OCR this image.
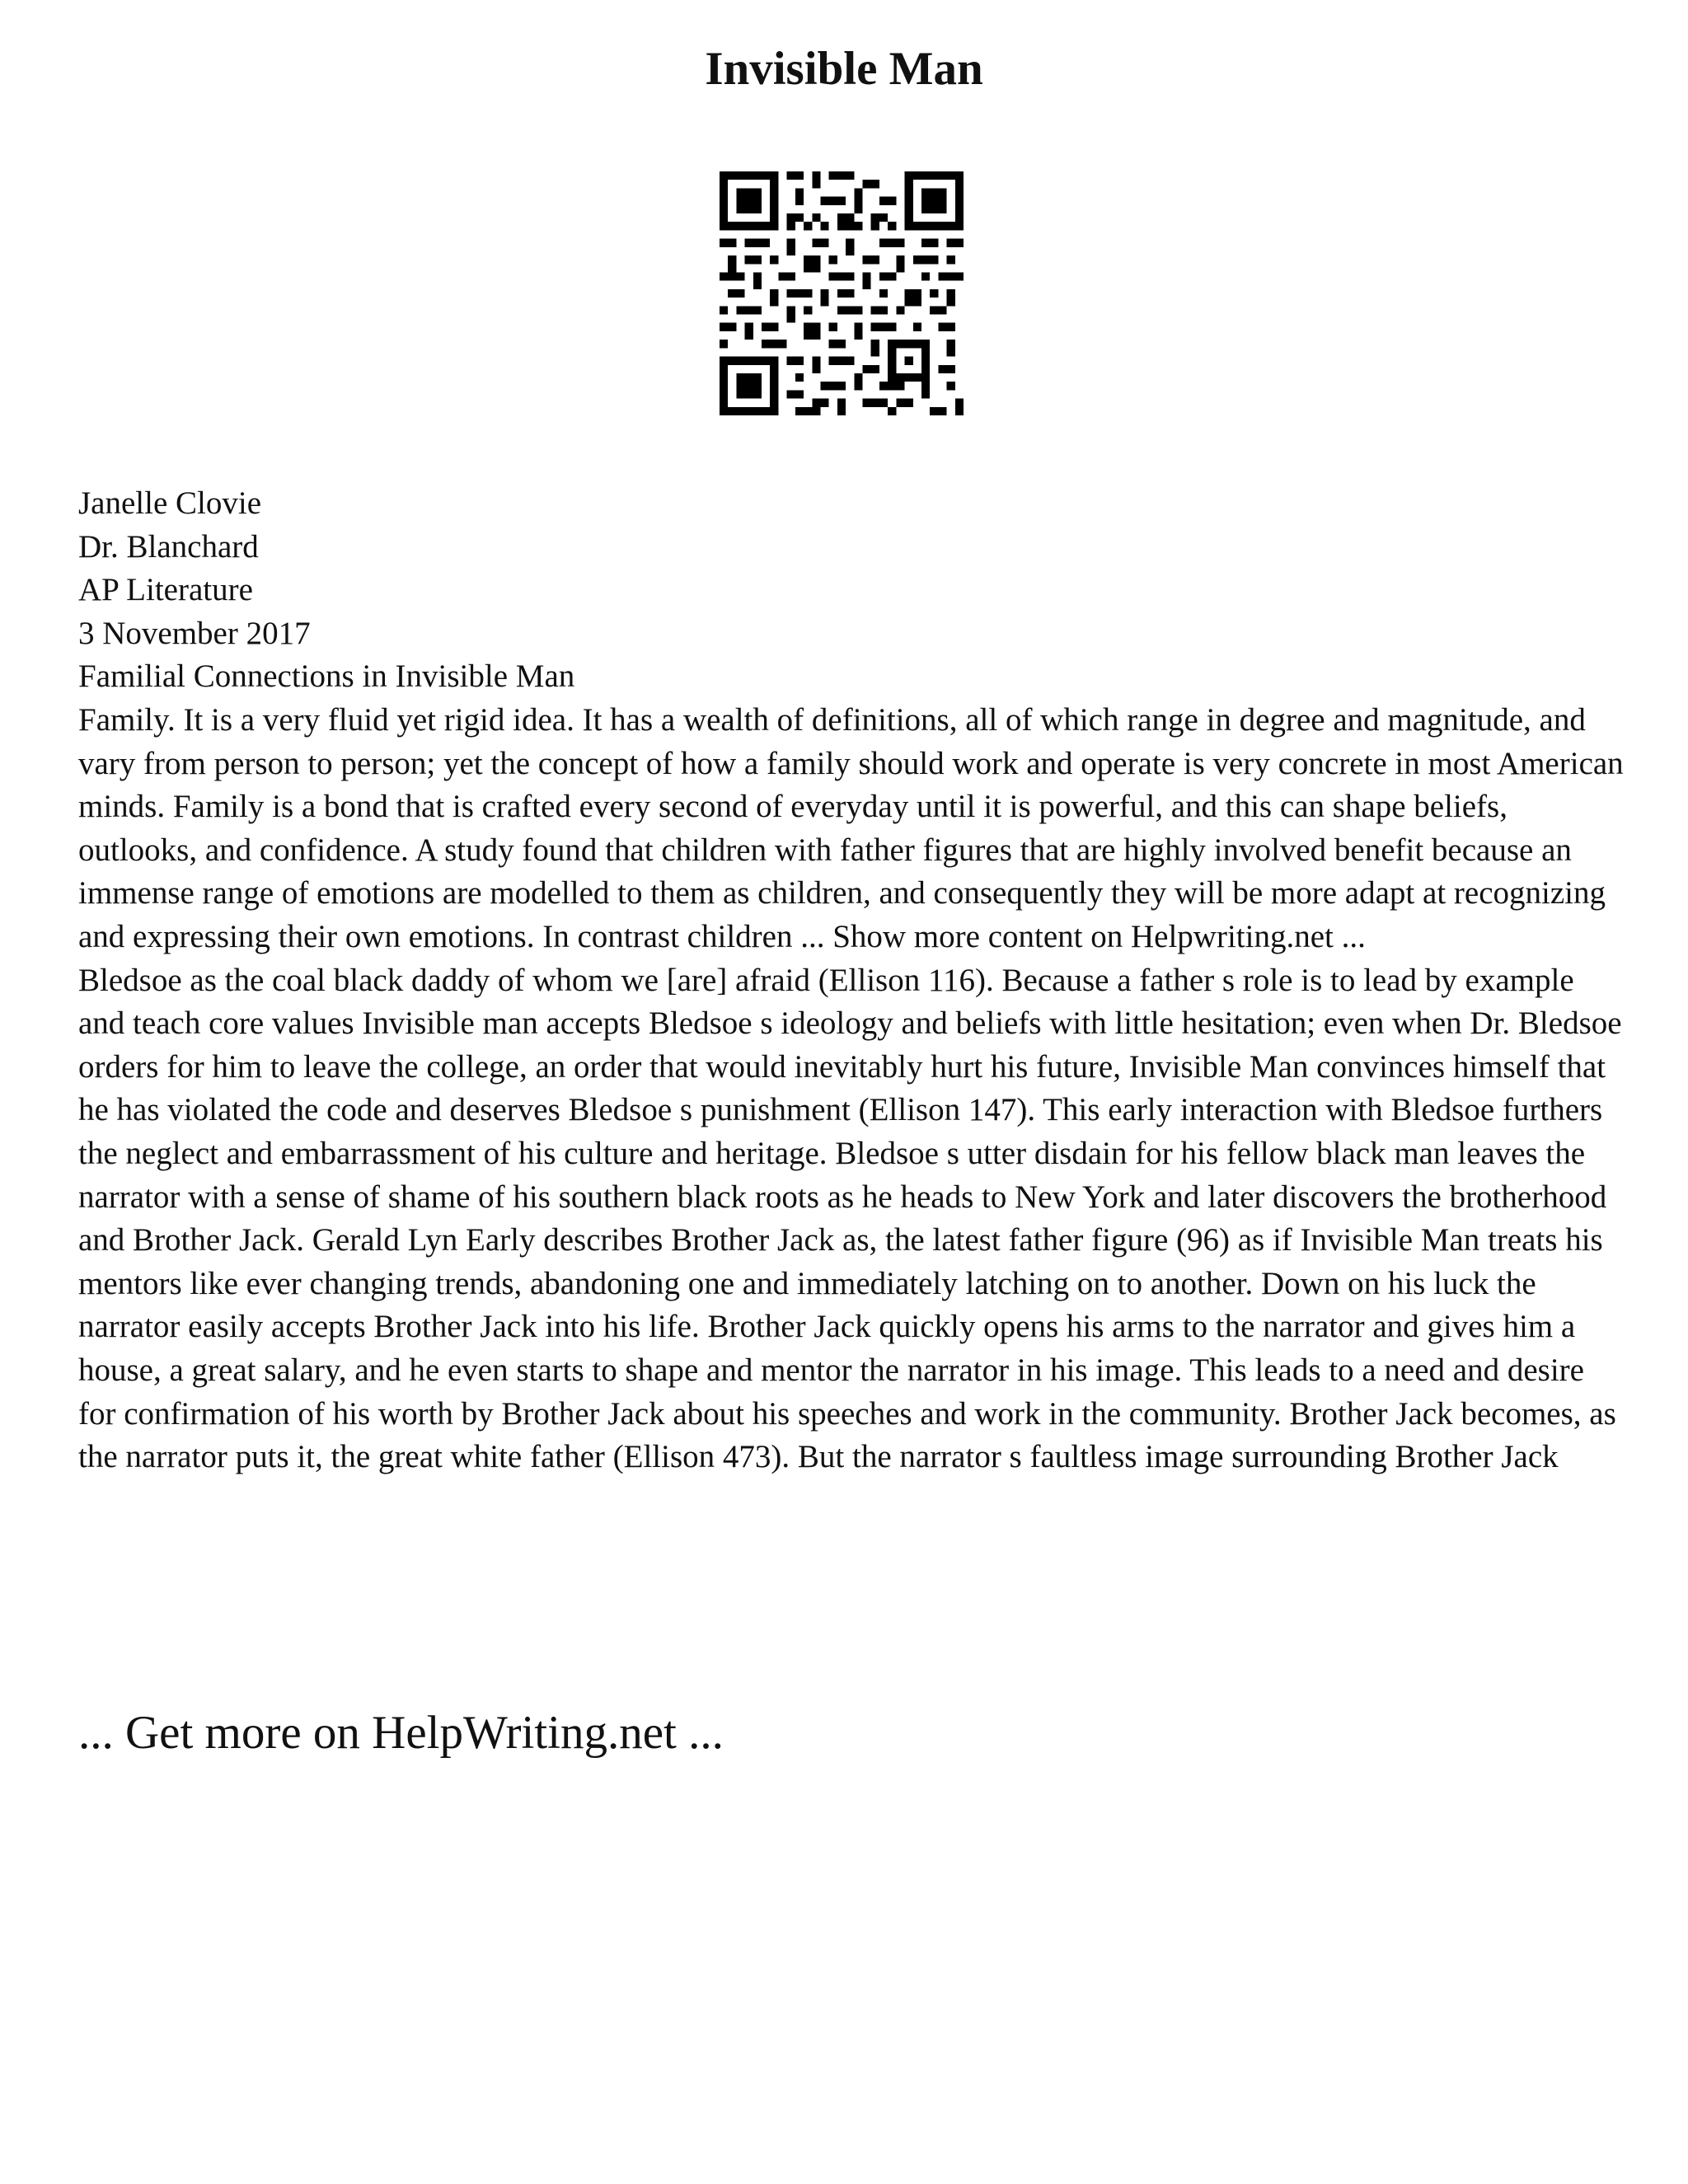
Invisible Man
Janelle Clovie
Dr. Blanchard
AP Literature
3 November 2017
Familial Connections in Invisible Man

Family. It is a very fluid yet rigid idea. It has a wealth of definitions, all of which range in degree and magnitude, and vary from person to person; yet the concept of how a family should work and operate is very concrete in most American minds. Family is a bond that is crafted every second of everyday until it is powerful, and this can shape beliefs, outlooks, and confidence. A study found that children with father figures that are highly involved benefit because an immense range of emotions are modelled to them as children, and consequently they will be more adapt at recognizing and expressing their own emotions. In contrast children ... Show more content on Helpwriting.net ...

Bledsoe as the coal black daddy of whom we [are] afraid (Ellison 116). Because a father s role is to lead by example and teach core values Invisible man accepts Bledsoe s ideology and beliefs with little hesitation; even when Dr. Bledsoe orders for him to leave the college, an order that would inevitably hurt his future, Invisible Man convinces himself that he has violated the code and deserves Bledsoe s punishment (Ellison 147). This early interaction with Bledsoe furthers the neglect and embarrassment of his culture and heritage. Bledsoe s utter disdain for his fellow black man leaves the narrator with a sense of shame of his southern black roots as he heads to New York and later discovers the brotherhood and Brother Jack. Gerald Lyn Early describes Brother Jack as, the latest father figure (96) as if Invisible Man treats his mentors like ever changing trends, abandoning one and immediately latching on to another. Down on his luck the narrator easily accepts Brother Jack into his life. Brother Jack quickly opens his arms to the narrator and gives him a house, a great salary, and he even starts to shape and mentor the narrator in his image. This leads to a need and desire for confirmation of his worth by Brother Jack about his speeches and work in the community. Brother Jack becomes, as the narrator puts it, the great white father (Ellison 473). But the narrator s faultless image surrounding Brother Jack

... Get more on HelpWriting.net ...
